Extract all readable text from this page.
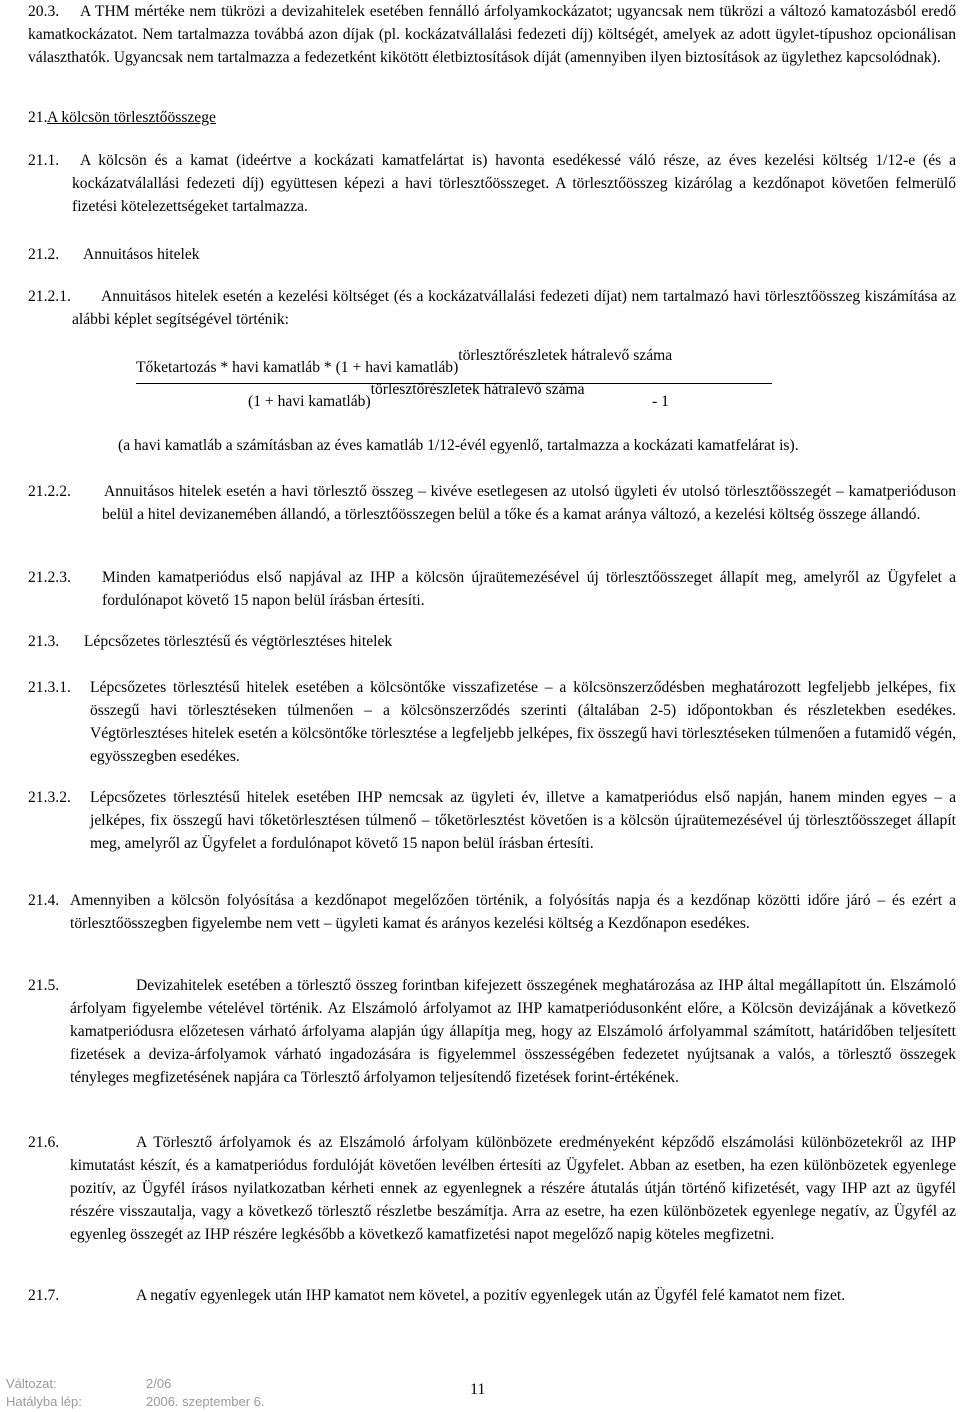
20.3.	A THM mértéke nem tükrözi a devizahitelek esetében fennálló árfolyamkockázatot; ugyancsak nem tükrözi a változó kamatozásból eredő kamatkockázatot. Nem tartalmazza továbbá azon díjak (pl. kockázatvállalási fedezeti díj) költségét, amelyek az adott ügylet-típushoz opcionálisan választhatók. Ugyancsak nem tartalmazza a fedezetként kikötött életbiztosítások díját (amennyiben ilyen biztosítások az ügylethez kapcsolódnak).
21. A kölcsön törlesztőösszege
21.1.	A kölcsön és a kamat (ideértve a kockázati kamatfelártat is) havonta esedékessé váló része, az éves kezelési költség 1/12-e (és a kockázatválallási fedezeti díj) együttesen képezi a havi törlesztőösszeget. A törlesztőösszeg kizárólag a kezdőnapot követően felmerülő fizetési kötelezettségeket tartalmazza.
21.2. Annuitásos hitelek
21.2.1.	Annuitásos hitelek esetén a kezelési költséget (és a kockázatvállalási fedezeti díjat) nem tartalmazó havi törlesztőösszeg kiszámítása az alábbi képlet segítségével történik:
Tőketartozás * havi kamatláb * (1 + havi kamatláb)törlesztőrészletek hátralevő száma
(1 + havi kamatláb)törlesztőrészletek hátralevő száma
- 1
(a havi kamatláb a számításban az éves kamatláb 1/12-évél egyenlő, tartalmazza a kockázati kamatfelárat is).
21.2.2.	Annuitásos hitelek esetén a havi törlesztő összeg – kivéve esetlegesen az utolsó ügyleti év utolsó törlesztőösszegét – kamatperióduson belül a hitel devizanemében állandó, a törlesztőösszegen belül a tőke és a kamat aránya változó, a kezelési költség összege állandó.
21.2.3.	Minden kamatperiódus első napjával az IHP a kölcsön újraütemezésével új törlesztőösszeget állapít meg, amelyről az Ügyfelet a fordulónapot követő 15 napon belül írásban értesíti.
21.3. Lépcsőzetes törlesztésű és végtörlesztéses hitelek
21.3.1.	Lépcsőzetes törlesztésű hitelek esetében a kölcsöntőke visszafizetése – a kölcsönszerződésben meghatározott legfeljebb jelképes, fix összegű havi törlesztéseken túlmenően – a kölcsönszerződés szerinti (általában 2-5) időpontokban és részletekben esedékes. Végtörlesztéses hitelek esetén a kölcsöntőke törlesztése a legfeljebb jelképes, fix összegű havi törlesztéseken túlmenően a futamidő végén, egyösszegben esedékes.
21.3.2.	Lépcsőzetes törlesztésű hitelek esetében IHP nemcsak az ügyleti év, illetve a kamatperiódus első napján, hanem minden egyes – a jelképes, fix összegű havi tőketörlesztésen túlmenő – tőketörlesztést követően is a kölcsön újraütemezésével új törlesztőösszeget állapít meg, amelyről az Ügyfelet a fordulónapot követő 15 napon belül írásban értesíti.
21.4. Amennyiben a kölcsön folyósítása a kezdőnapot megelőzően történik, a folyósítás napja és a kezdőnap közötti időre járó – és ezért a törlesztőösszegben figyelembe nem vett – ügyleti kamat és arányos kezelési költség a Kezdőnapon esedékes.
21.5.	Devizahitelek esetében a törlesztő összeg forintban kifejezett összegének meghatározása az IHP által megállapított ún. Elszámoló árfolyam figyelembe vételével történik. Az Elszámoló árfolyamot az IHP kamatperiódusonként előre, a Kölcsön devizájának a következő kamatperiódusra előzetesen várható árfolyama alapján úgy állapítja meg, hogy az Elszámoló árfolyammal számított, határidőben teljesített fizetések a deviza-árfolyamok várható ingadozására is figyelemmel összességében fedezetet nyújtsanak a valós, a törlesztő összegek tényleges megfizetésének napjára ca Törlesztő árfolyamon teljesítendő fizetések forint-értékének.
21.6.	A Törlesztő árfolyamok és az Elszámoló árfolyam különbözete eredményeként képződő elszámolási különbözetekről az IHP kimutatást készít, és a kamatperiódus fordulóját követően levélben értesíti az Ügyfelet. Abban az esetben, ha ezen különbözetek egyenlege pozitív, az Ügyfél írásos nyilatkozatban kérheti ennek az egyenlegnek a részére átutalás útján történő kifizetését, vagy IHP azt az ügyfél részére visszautalja, vagy a következő törlesztő részletbe beszámítja. Arra az esetre, ha ezen különbözetek egyenlege negatív, az Ügyfél az egyenleg összegét az IHP részére legkésőbb a következő kamatfizetési napot megelőző napig köteles megfizetni.
21.7.	A negatív egyenlegek után IHP kamatot nem követel, a pozitív egyenlegek után az Ügyfél felé kamatot nem fizet.
Változat:	2/06
Hatályba lép:	2006. szeptember 6.
11
